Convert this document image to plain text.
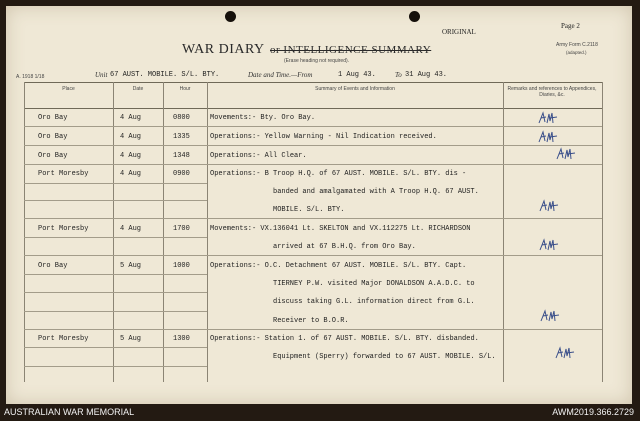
ORIGINAL
Page 2
Army Form C.2118
(adapted.)
WAR DIARY or INTELLIGENCE SUMMARY
(Erase heading not required).
A. 1918 1/18	Unit 67 AUST. MOBILE. S/L. BTY.	Date and Time.—From	1 Aug 43.	To 31 Aug 43.
Place	Date	Hour	Summary of Events and Information	Remarks and references to Appendices, Diaries, &c.
Oro Bay	4 Aug	0800	Movements:- Bty. Oro Bay.
Oro Bay	4 Aug	1335	Operations:- Yellow Warning - Nil Indication received.
Oro Bay	4 Aug	1348	Operations:- All Clear.
Port Moresby	4 Aug	0900	Operations:- B Troop H.Q. of 67 AUST. MOBILE. S/L. BTY. dis -
banded and amalgamated with A Troop H.Q. 67 AUST.
MOBILE. S/L. BTY.
Port Moresby	4 Aug	1700	Movements:- VX.136041 Lt. SKELTON and VX.112275 Lt. RICHARDSON
arrived at 67 B.H.Q. from Oro Bay.
Oro Bay	5 Aug	1000	Operations:- O.C. Detachment 67 AUST. MOBILE. S/L. BTY. Capt.
TIERNEY P.W. visited Major DONALDSON A.A.D.C. to
discuss taking G.L. information direct from G.L.
Receiver to B.O.R.
Port Moresby	5 Aug	1300	Operations:- Station 1. of 67 AUST. MOBILE. S/L. BTY. disbanded.
Equipment (Sperry) forwarded to 67 AUST. MOBILE. S/L.
AUSTRALIAN WAR MEMORIAL	AWM2019.366.2729
